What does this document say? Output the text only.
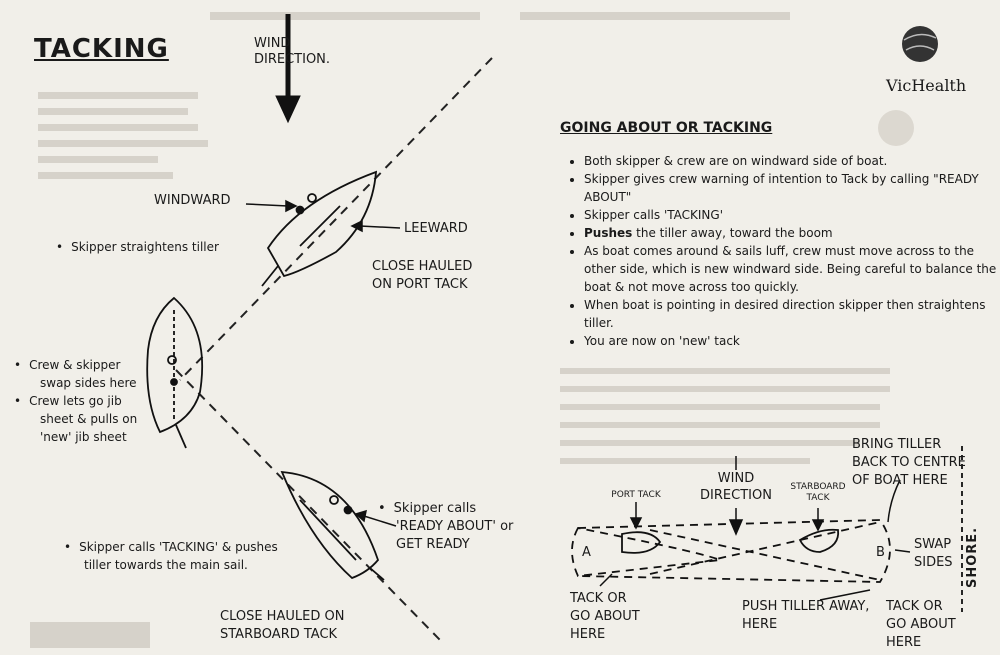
TACKING	WIND
DIRECTION.
WINDWARD
LEEWARD
CLOSE HAULED
ON PORT TACK
• Skipper straightens tiller
• Crew & skipper
swap sides here
• Crew lets go jib
sheet & pulls on
'new' jib sheet
• Skipper calls 'TACKING' & pushes
tiller towards the main sail.
• Skipper calls
'READY ABOUT' or
GET READY
CLOSE HAULED ON
STARBOARD TACK
VicHealth
GOING ABOUT OR TACKING
• Both skipper & crew are on windward side of boat.
• Skipper gives crew warning of intention to Tack by calling "READY ABOUT"
• Skipper calls 'TACKING'
• Pushes the tiller away, toward the boom
• As boat comes around & sails luff, crew must move across to the other side, which is new windward side. Being careful to balance the boat & not move across too quickly.
• When boat is pointing in desired direction skipper then straightens tiller.
• You are now on 'new' tack
BRING TILLER
BACK TO CENTRE
OF BOAT HERE
WIND
DIRECTION
PORT TACK
STARBOARD
TACK
A	B
SWAP
SIDES SHORE.
TACK OR
GO ABOUT
HERE
PUSH TILLER AWAY,
HERE
TACK OR
GO ABOUT
HERE
